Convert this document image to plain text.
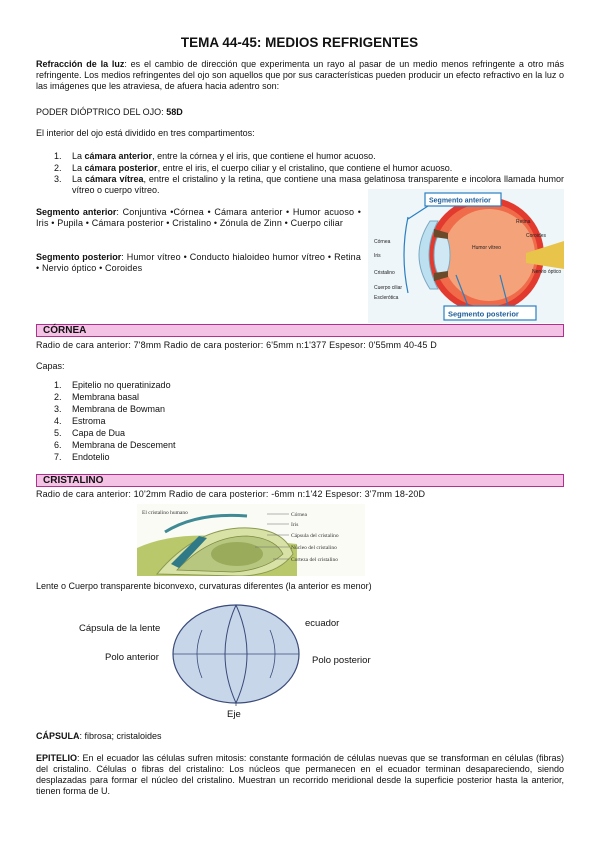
TEMA 44-45: MEDIOS REFRIGENTES
Refracción de la luz: es el cambio de dirección que experimenta un rayo al pasar de un medio menos refringente a otro más refringente. Los medios refringentes del ojo son aquellos que por sus características pueden producir un efecto refractivo en la luz o las imágenes que les atraviesa, de afuera hacia adentro son:
PODER DIÓPTRICO DEL OJO: 58D
El interior del ojo está dividido en tres compartimentos:
1. La cámara anterior, entre la córnea y el iris, que contiene el humor acuoso.
2. La cámara posterior, entre el iris, el cuerpo ciliar y el cristalino, que contiene el humor acuoso.
3. La cámara vítrea, entre el cristalino y la retina, que contiene una masa gelatinosa transparente e incolora llamada humor vítreo o cuerpo vítreo.
Segmento anterior: Conjuntiva •Córnea • Cámara anterior • Humor acuoso • Iris • Pupila • Cámara posterior • Cristalino • Zónula de Zinn • Cuerpo ciliar
Segmento posterior: Humor vítreo • Conducto hialoideo humor vítreo • Retina • Nervio óptico • Coroides
Segmento anterior
Segmento posterior
Córnea
Iris
Cristalino
Cuerpo ciliar
Esclerótica
Retina
Coroides
Nervio óptico
Humor vítreo
CÓRNEA
Radio de cara anterior: 7'8mm Radio de cara posterior: 6'5mm n:1'377 Espesor: 0'55mm 40-45 D
Capas:
1. Epitelio no queratinizado
2. Membrana basal
3. Membrana de Bowman
4. Estroma
5. Capa de Dua
6. Membrana de Descement
7. Endotelio
CRISTALINO
Radio de cara anterior: 10'2mm Radio de cara posterior: -6mm n:1'42 Espesor: 3'7mm 18-20D
El cristalino humano	Córnea
Iris
Cápsula del cristalino
Núcleo del cristalino
Corteza del cristalino
Lente o Cuerpo transparente biconvexo, curvaturas diferentes (la anterior es menor)
Cápsula de la lente	ecuador
Polo anterior	Polo posterior
Eje
CÁPSULA: fibrosa; cristaloides
EPITELIO: En el ecuador las células sufren mitosis: constante formación de células nuevas que se transforman en células (fibras) del cristalino. Células o fibras del cristalino: Los núcleos que permanecen en el ecuador terminan desapareciendo, siendo desplazadas para formar el núcleo del cristalino. Muestran un recorrido meridional desde la superficie posterior hasta la anterior, tienen forma de U.
